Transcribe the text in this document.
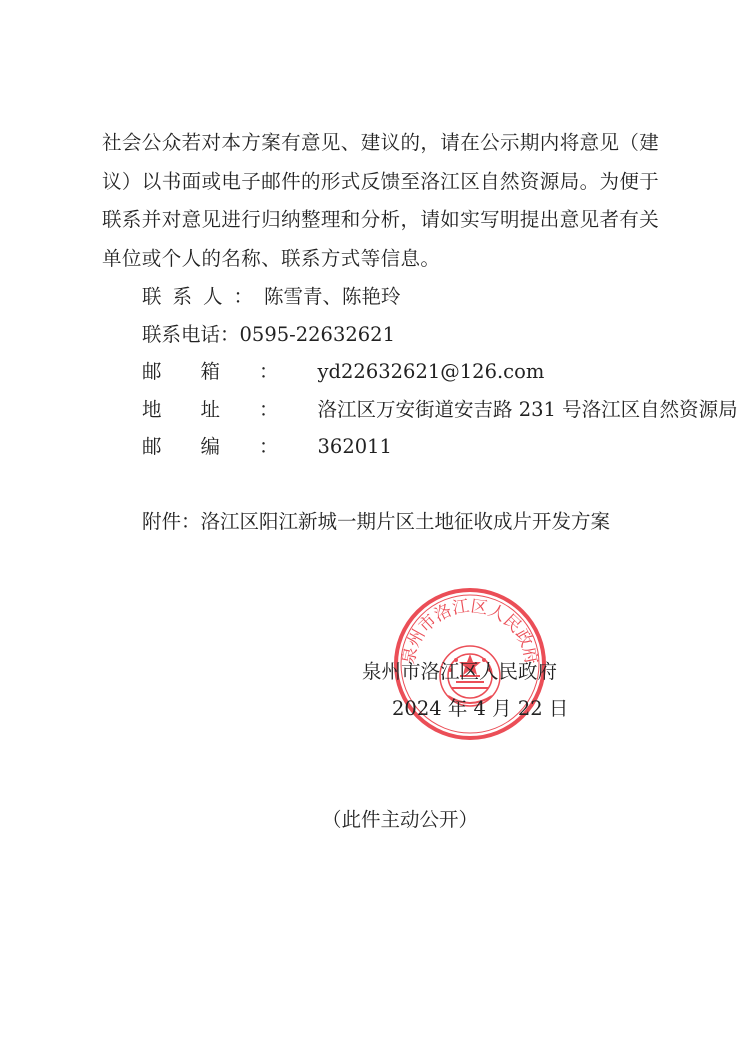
社会公众若对本方案有意见、建议的，请在公示期内将意见（建
议）以书面或电子邮件的形式反馈至洛江区自然资源局。为便于
联系并对意见进行归纳整理和分析，请如实写明提出意见者有关
单位或个人的名称、联系方式等信息。
联系人：陈雪青、陈艳玲
联系电话：0595-22632621
邮箱：yd22632621@126.com
地址：洛江区万安街道安吉路 231 号洛江区自然资源局
邮编：362011
附件：洛江区阳江新城一期片区土地征收成片开发方案
泉州市洛江区人民政府
泉州市洛江区人民政府
2024 年 4 月 22 日
（此件主动公开）
